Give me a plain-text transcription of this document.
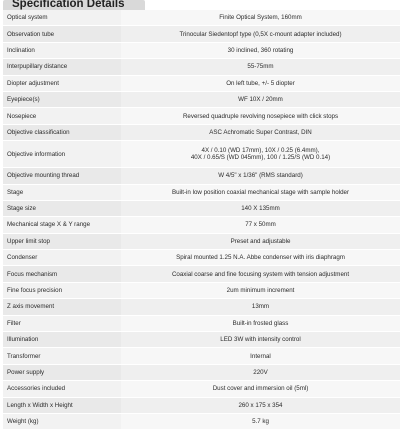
Specification Details
Optical system	Finite Optical System, 160mm

Observation tube	Trinocular Siedentopf type (0,5X c-mount adapter included)

Inclination	30 inclined, 360 rotating

Interpupillary distance	55-75mm

Diopter adjustment	On left tube, +/- 5 diopter

Eyepiece(s)	WF 10X / 20mm

Nosepiece	Reversed quadruple revolving nosepiece with click stops

Objective classification	ASC Achromatic Super Contrast, DIN

Objective information	4X / 0.10 (WD 17mm), 10X / 0.25 (6.4mm),
40X / 0.65/S (WD 045mm), 100 / 1.25/S (WD 0.14)

Objective mounting thread	W 4/5" x 1/36" (RMS standard)

Stage	Built-in low position coaxial mechanical stage with sample holder

Stage size	140 X 135mm

Mechanical stage X & Y range	77 x 50mm

Upper limit stop	Preset and adjustable

Condenser	Spiral mounted 1.25 N.A. Abbe condenser with iris diaphragm

Focus mechanism	Coaxial coarse and fine focusing system with tension adjustment

Fine focus precision	2um minimum increment

Z axis movement	13mm

Filter	Built-in frosted glass

Illumination	LED 3W with intensity control

Transformer	Internal

Power supply	220V

Accessories included	Dust cover and immersion oil (5ml)

Length x Width x Height	260 x 175 x 354

Weight (kg)	5.7 kg
